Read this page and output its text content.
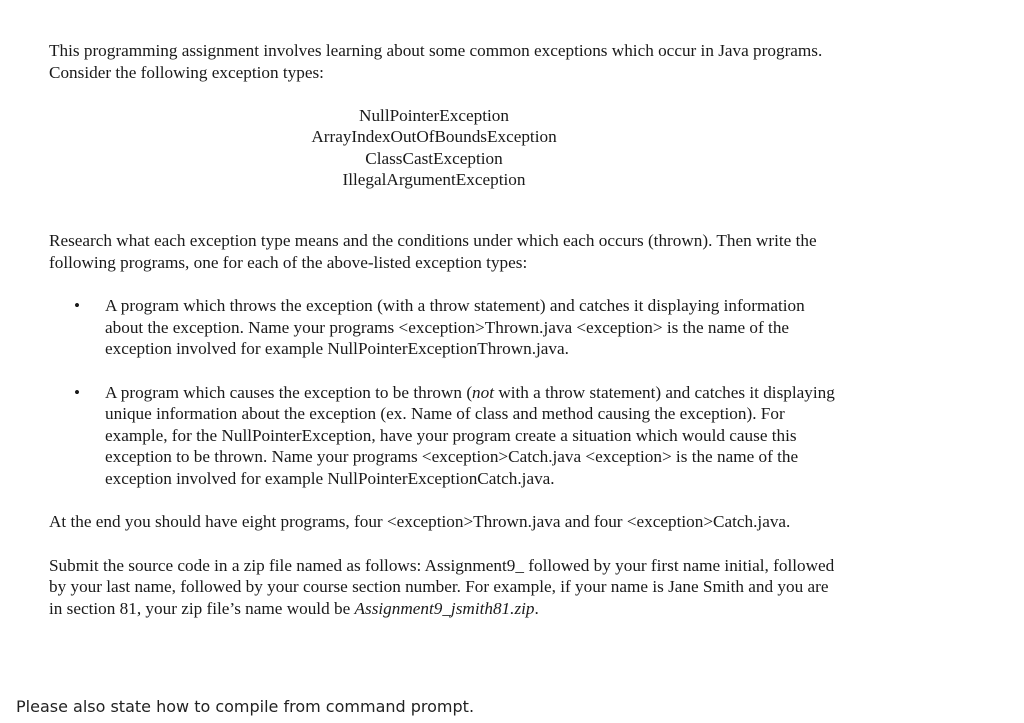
This programming assignment involves learning about some common exceptions which occur in Java programs. Consider the following exception types:

NullPointerException
ArrayIndexOutOfBoundsException
ClassCastException
IllegalArgumentException

Research what each exception type means and the conditions under which each occurs (thrown). Then write the following programs, one for each of the above-listed exception types:

• A program which throws the exception (with a throw statement) and catches it displaying information about the exception. Name your programs <exception>Thrown.java <exception> is the name of the exception involved for example NullPointerExceptionThrown.java.
• A program which causes the exception to be thrown (not with a throw statement) and catches it displaying unique information about the exception (ex. Name of class and method causing the exception). For example, for the NullPointerException, have your program create a situation which would cause this exception to be thrown. Name your programs <exception>Catch.java <exception> is the name of the exception involved for example NullPointerExceptionCatch.java.

At the end you should have eight programs, four <exception>Thrown.java and four <exception>Catch.java.

Submit the source code in a zip file named as follows: Assignment9_ followed by your first name initial, followed by your last name, followed by your course section number. For example, if your name is Jane Smith and you are in section 81, your zip file’s name would be Assignment9_jsmith81.zip.

Please also state how to compile from command prompt.
